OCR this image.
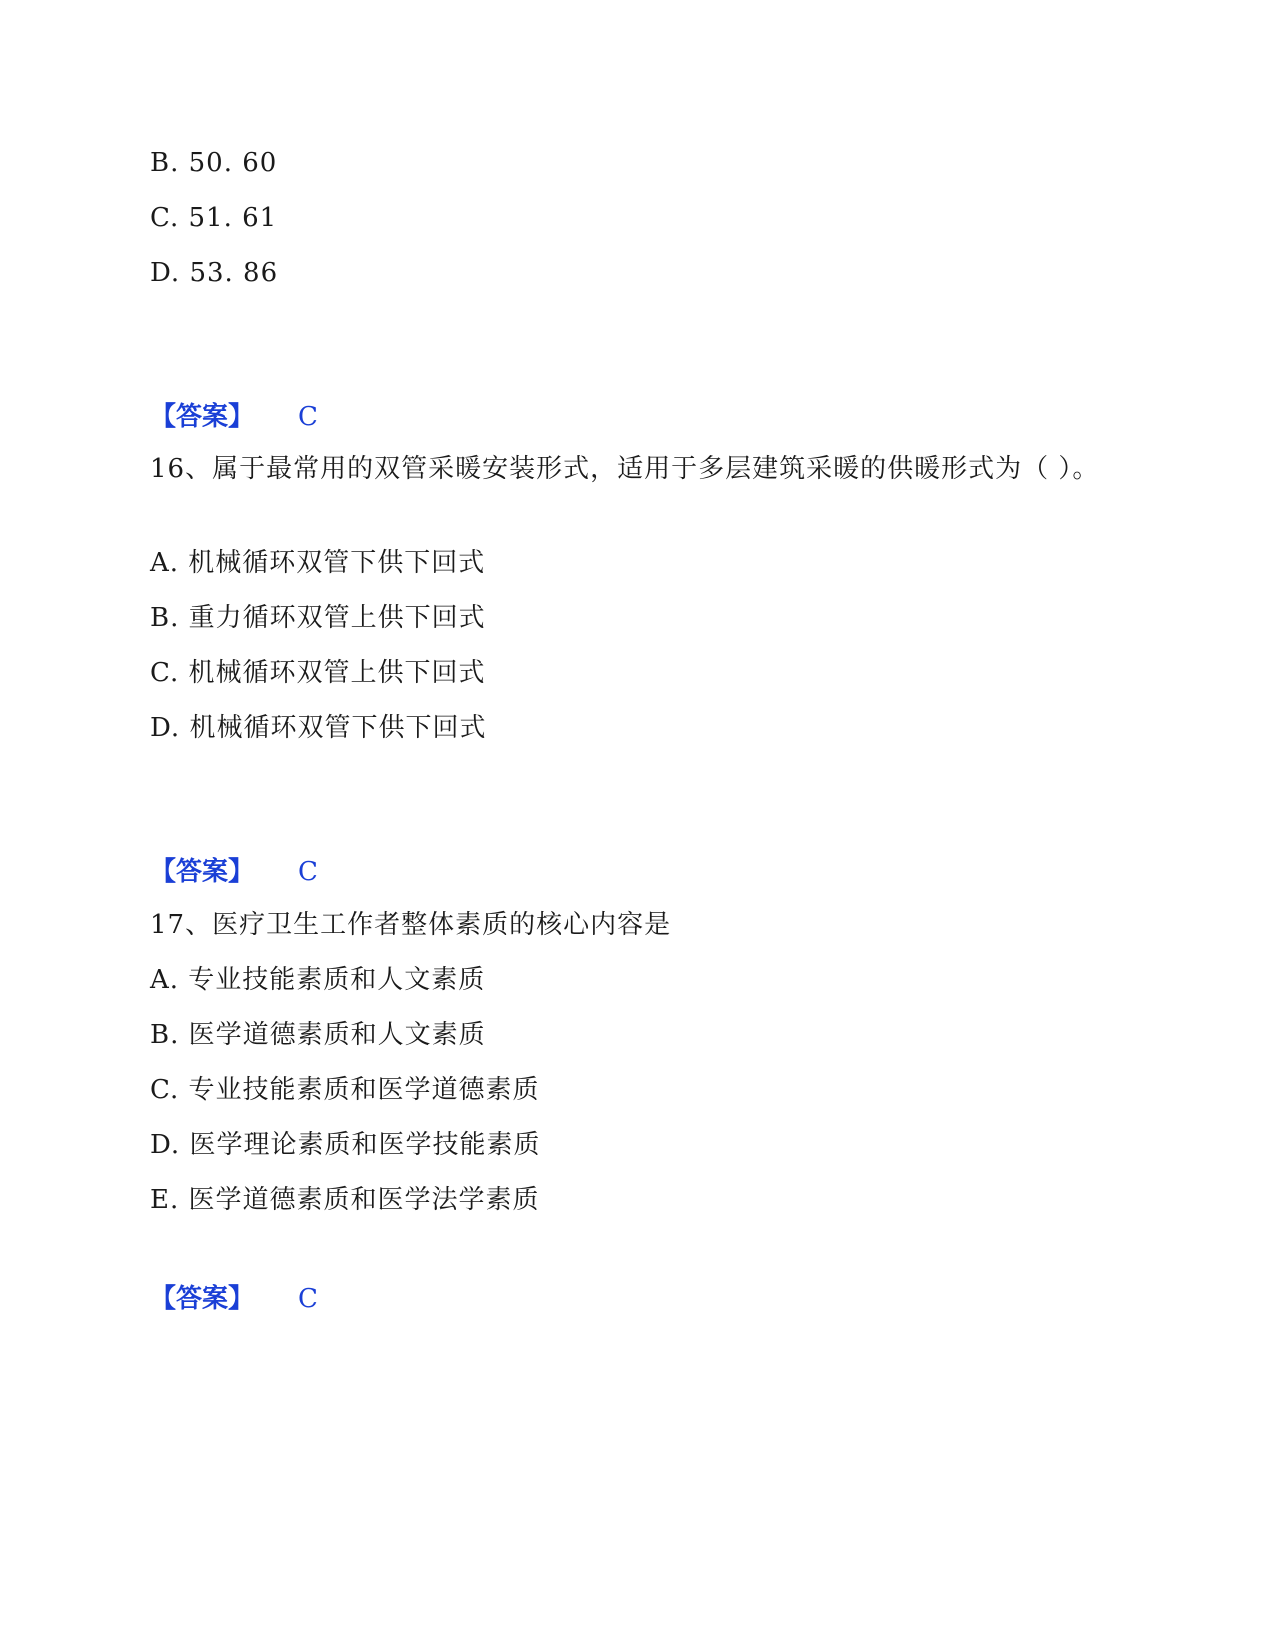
B. 50. 60
C. 51. 61
D. 53. 86
【答案】 C
16、属于最常用的双管采暖安装形式，适用于多层建筑采暖的供暖形式为（ ）。
A. 机械循环双管下供下回式
B. 重力循环双管上供下回式
C. 机械循环双管上供下回式
D. 机械循环双管下供下回式
【答案】 C
17、医疗卫生工作者整体素质的核心内容是
A. 专业技能素质和人文素质
B. 医学道德素质和人文素质
C. 专业技能素质和医学道德素质
D. 医学理论素质和医学技能素质
E. 医学道德素质和医学法学素质
【答案】 C
